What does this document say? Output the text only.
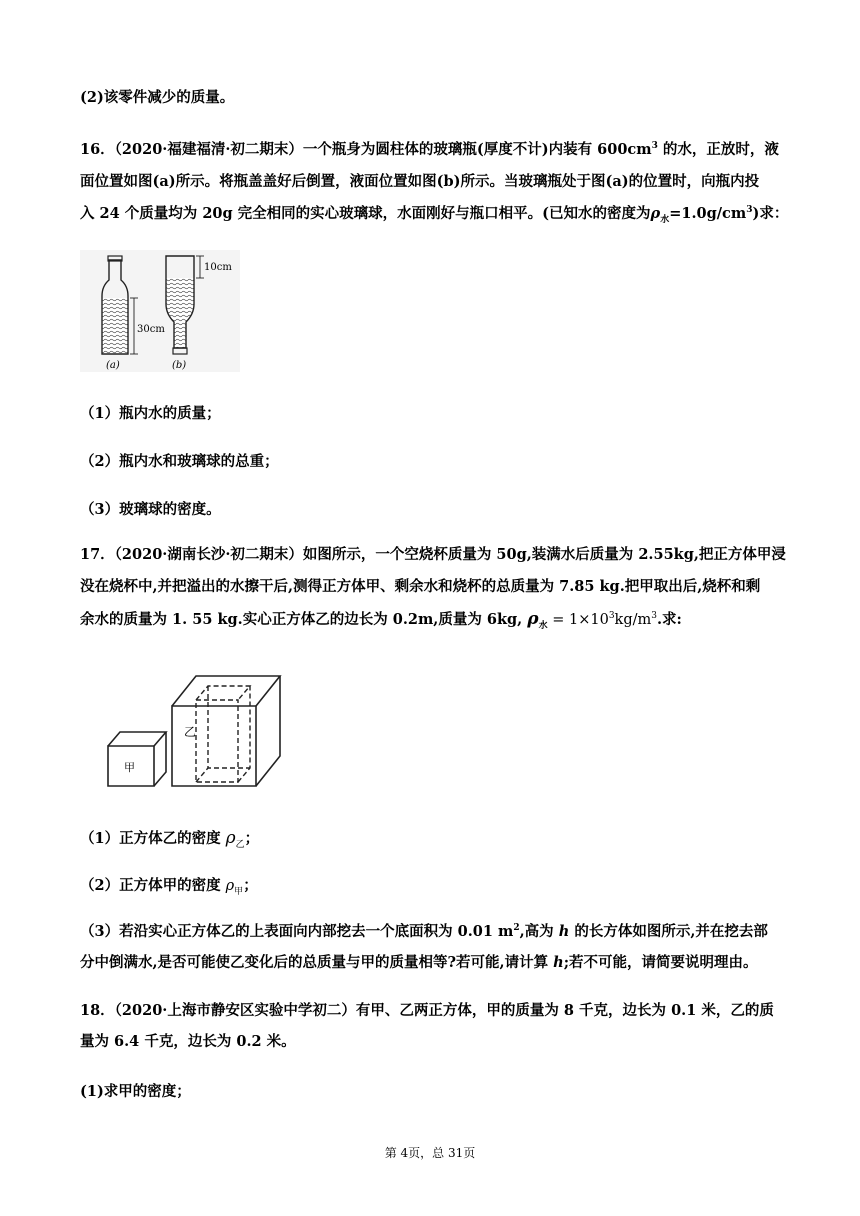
(2)该零件减少的质量。
16．（2020·福建福清·初二期末）一个瓶身为圆柱体的玻璃瓶(厚度不计)内装有 $600cm^3$ 的水，正放时，液
面位置如图(a)所示。将瓶盖盖好后倒置，液面位置如图(b)所示。当玻璃瓶处于图(a)的位置时，向瓶内投
入 24 个质量均为 20g 完全相同的实心玻璃球，水面刚好与瓶口相平。(已知水的密度为$\rho_水=1.0g/cm^3$)求：
30cm
10cm
(a)	(b)
（1）瓶内水的质量；
（2）瓶内水和玻璃球的总重；
（3）玻璃球的密度。
17．（2020·湖南长沙·初二期末）如图所示，一个空烧杯质量为 50g,装满水后质量为 2.55kg,把正方体甲浸
没在烧杯中,并把溢出的水擦干后,测得正方体甲、剩余水和烧杯的总质量为 7.85 kg.把甲取出后,烧杯和剩
余水的质量为 1. 55 kg.实心正方体乙的边长为 0.2m,质量为 6kg, $\rho_水 = 1\times 10^3kg/m^3$.求:
甲
乙
（1）正方体乙的密度 $\rho_乙$；
（2）正方体甲的密度 $\rho_甲$；
（3）若沿实心正方体乙的上表面向内部挖去一个底面积为 0.01 $m^2$,高为 h 的长方体如图所示,并在挖去部
分中倒满水,是否可能使乙变化后的总质量与甲的质量相等?若可能,请计算 h;若不可能，请简要说明理由。
18．（2020·上海市静安区实验中学初二）有甲、乙两正方体，甲的质量为 8 千克，边长为 0.1 米，乙的质
量为 6.4 千克，边长为 0.2 米。
(1)求甲的密度；
第 4页，总 31页
